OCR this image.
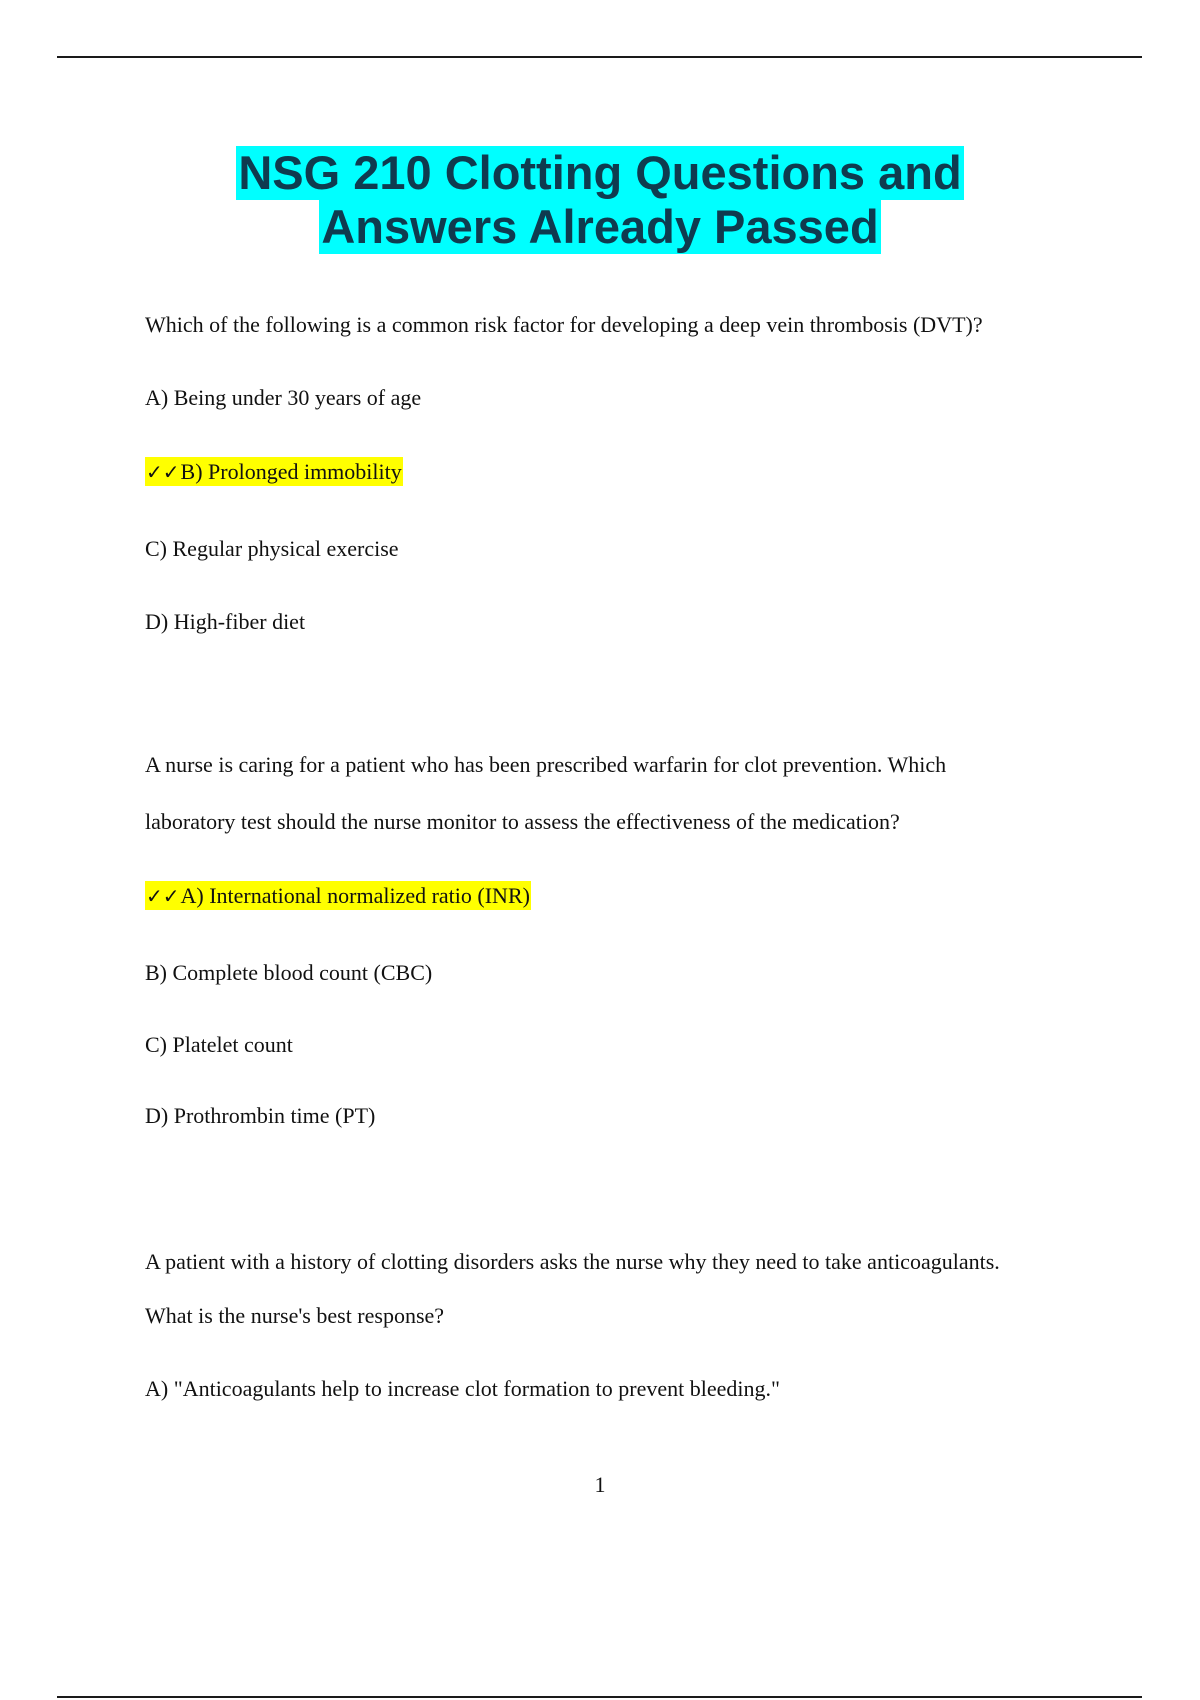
NSG 210 Clotting Questions and
Answers Already Passed
Which of the following is a common risk factor for developing a deep vein thrombosis (DVT)?
A) Being under 30 years of age
✓✓B) Prolonged immobility
C) Regular physical exercise
D) High-fiber diet
A nurse is caring for a patient who has been prescribed warfarin for clot prevention. Which
laboratory test should the nurse monitor to assess the effectiveness of the medication?
✓✓A) International normalized ratio (INR)
B) Complete blood count (CBC)
C) Platelet count
D) Prothrombin time (PT)
A patient with a history of clotting disorders asks the nurse why they need to take anticoagulants.
What is the nurse's best response?
A) "Anticoagulants help to increase clot formation to prevent bleeding."
1
